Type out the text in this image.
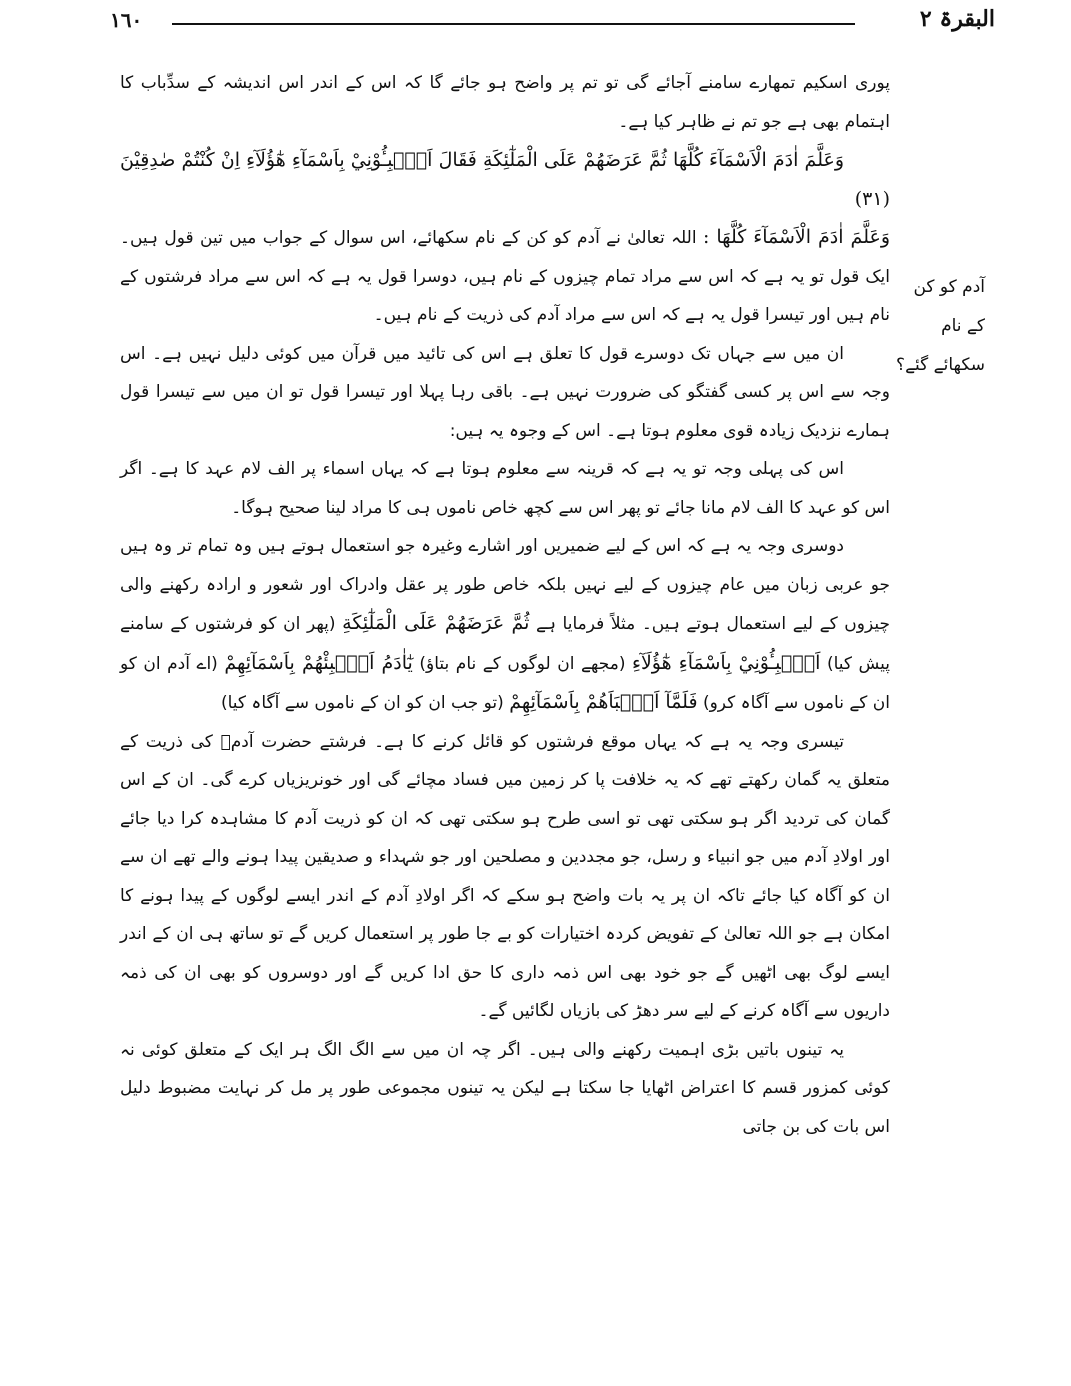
١٦٠	البقرۃ ۲

پوری اسکیم تمھارے سامنے آجائے گی تو تم پر واضح ہو جائے گا کہ اس کے اندر اس اندیشہ کے سدِّباب کا اہتمام بھی ہے جو تم نے ظاہر کیا ہے۔

وَعَلَّمَ اٰدَمَ الْاَسْمَآءَ كُلَّهَا ثُمَّ عَرَضَهُمْ عَلَى الْمَلٰٓئِكَةِ فَقَالَ اَنْۢبِـُٔوْنِيْ بِاَسْمَآءِ هٰٓؤُلَآءِ اِنْ كُنْتُمْ صٰدِقِيْنَ (۳۱)

وَعَلَّمَ اٰدَمَ الْاَسْمَآءَ كُلَّهَا : اللہ تعالیٰ نے آدم کو کن کے نام سکھائے، اس سوال کے جواب میں تین قول ہیں۔ ایک قول تو یہ ہے کہ اس سے مراد تمام چیزوں کے نام ہیں، دوسرا قول یہ ہے کہ اس سے مراد فرشتوں کے نام ہیں اور تیسرا قول یہ ہے کہ اس سے مراد آدم کی ذریت کے نام ہیں۔

ان میں سے جہاں تک دوسرے قول کا تعلق ہے اس کی تائید میں قرآن میں کوئی دلیل نہیں ہے۔ اس وجہ سے اس پر کسی گفتگو کی ضرورت نہیں ہے۔ باقی رہا پہلا اور تیسرا قول تو ان میں سے تیسرا قول ہمارے نزدیک زیادہ قوی معلوم ہوتا ہے۔ اس کے وجوہ یہ ہیں:

اس کی پہلی وجہ تو یہ ہے کہ قرینہ سے معلوم ہوتا ہے کہ یہاں اسماء پر الف لام عہد کا ہے۔ اگر اس کو عہد کا الف لام مانا جائے تو پھر اس سے کچھ خاص ناموں ہی کا مراد لینا صحیح ہوگا۔

دوسری وجہ یہ ہے کہ اس کے لیے ضمیریں اور اشارے وغیرہ جو استعمال ہوتے ہیں وہ تمام تر وہ ہیں جو عربی زبان میں عام چیزوں کے لیے نہیں بلکہ خاص طور پر عقل وادراک اور شعور و ارادہ رکھنے والی چیزوں کے لیے استعمال ہوتے ہیں۔ مثلاً فرمایا ہے ثُمَّ عَرَضَهُمْ عَلَى الْمَلٰٓئِكَةِ (پھر ان کو فرشتوں کے سامنے پیش کیا) اَنْۢبِـُٔوْنِيْ بِاَسْمَآءِ هٰٓؤُلَآءِ (مجھے ان لوگوں کے نام بتاؤ) يٰٓاٰدَمُ اَنْۢبِئْهُمْ بِاَسْمَآئِهِمْ (اے آدم ان کو ان کے ناموں سے آگاہ کرو) فَلَمَّآ اَنْۢبَاَهُمْ بِاَسْمَآئِهِمْ (تو جب ان کو ان کے ناموں سے آگاہ کیا)

تیسری وجہ یہ ہے کہ یہاں موقع فرشتوں کو قائل کرنے کا ہے۔ فرشتے حضرت آدمؑ کی ذریت کے متعلق یہ گمان رکھتے تھے کہ یہ خلافت پا کر زمین میں فساد مچائے گی اور خونریزیاں کرے گی۔ ان کے اس گمان کی تردید اگر ہو سکتی تھی تو اسی طرح ہو سکتی تھی کہ ان کو ذریت آدم کا مشاہدہ کرا دیا جائے اور اولادِ آدم میں جو انبیاء و رسل، جو مجددین و مصلحین اور جو شہداء و صدیقین پیدا ہونے والے تھے ان سے ان کو آگاہ کیا جائے تاکہ ان پر یہ بات واضح ہو سکے کہ اگر اولادِ آدم کے اندر ایسے لوگوں کے پیدا ہونے کا امکان ہے جو اللہ تعالیٰ کے تفویض کردہ اختیارات کو بے جا طور پر استعمال کریں گے تو ساتھ ہی ان کے اندر ایسے لوگ بھی اٹھیں گے جو خود بھی اس ذمہ داری کا حق ادا کریں گے اور دوسروں کو بھی ان کی ذمہ داریوں سے آگاہ کرنے کے لیے سر دھڑ کی بازیاں لگائیں گے۔

یہ تینوں باتیں بڑی اہمیت رکھنے والی ہیں۔ اگر چہ ان میں سے الگ الگ ہر ایک کے متعلق کوئی نہ کوئی کمزور قسم کا اعتراض اٹھایا جا سکتا ہے لیکن یہ تینوں مجموعی طور پر مل کر نہایت مضبوط دلیل اس بات کی بن جاتی

آدم کو کن کے نام سکھائے گئے؟
